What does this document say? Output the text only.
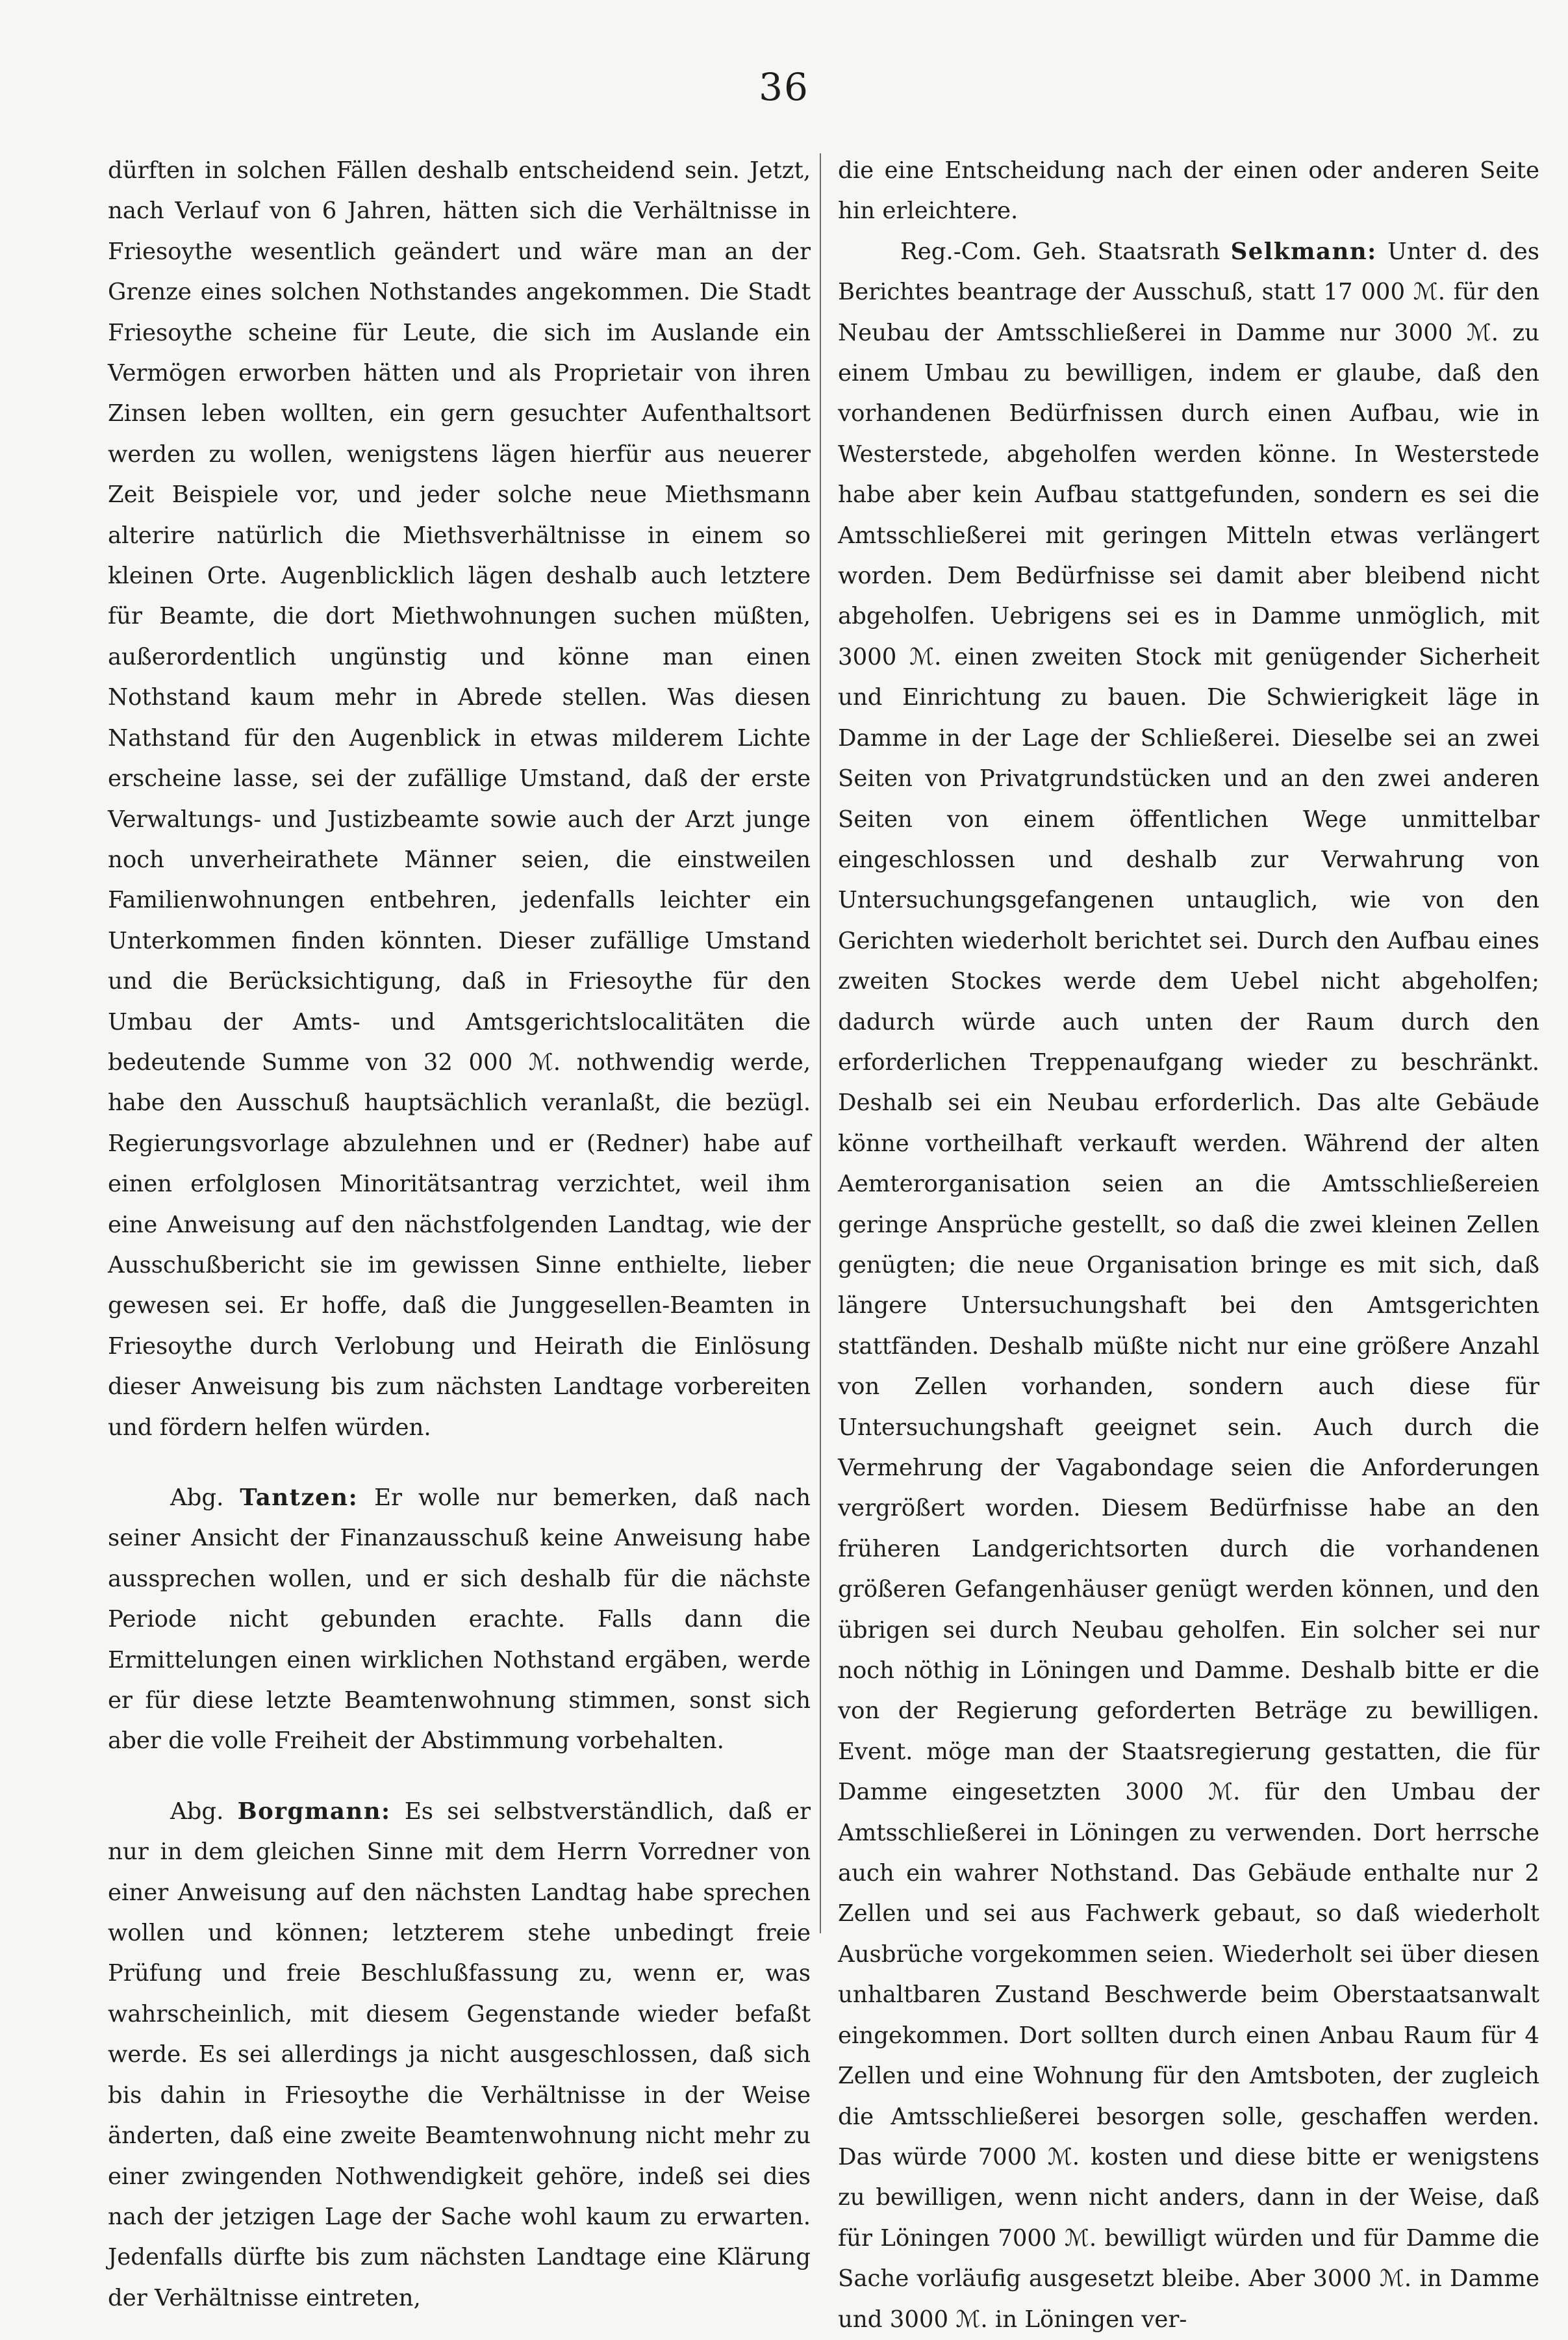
36

dürften in solchen Fällen deshalb entscheidend sein. Jetzt, nach Verlauf von 6 Jahren, hätten sich die Verhältnisse in Friesoythe wesentlich geändert und wäre man an der Grenze eines solchen Nothstandes angekommen. Die Stadt Friesoythe scheine für Leute, die sich im Auslande ein Vermögen erworben hätten und als Proprietair von ihren Zinsen leben wollten, ein gern gesuchter Aufenthaltsort werden zu wollen, wenigstens lägen hierfür aus neuerer Zeit Beispiele vor, und jeder solche neue Miethsmann alterire natürlich die Miethsverhältnisse in einem so kleinen Orte. Augenblicklich lägen deshalb auch letztere für Beamte, die dort Miethwohnungen suchen müßten, außerordentlich ungünstig und könne man einen Nothstand kaum mehr in Abrede stellen. Was diesen Nathstand für den Augenblick in etwas milderem Lichte erscheine lasse, sei der zufällige Umstand, daß der erste Verwaltungs- und Justizbeamte sowie auch der Arzt junge noch unverheirathete Männer seien, die einstweilen Familienwohnungen entbehren, jedenfalls leichter ein Unterkommen finden könnten. Dieser zufällige Umstand und die Berücksichtigung, daß in Friesoythe für den Umbau der Amts- und Amtsgerichtslocalitäten die bedeutende Summe von 32 000 ℳ. nothwendig werde, habe den Ausschuß hauptsächlich veranlaßt, die bezügl. Regierungsvorlage abzulehnen und er (Redner) habe auf einen erfolglosen Minoritätsantrag verzichtet, weil ihm eine Anweisung auf den nächstfolgenden Landtag, wie der Ausschußbericht sie im gewissen Sinne enthielte, lieber gewesen sei. Er hoffe, daß die Junggesellen-Beamten in Friesoythe durch Verlobung und Heirath die Einlösung dieser Anweisung bis zum nächsten Landtage vorbereiten und fördern helfen würden.

Abg. Tantzen: Er wolle nur bemerken, daß nach seiner Ansicht der Finanzausschuß keine Anweisung habe aussprechen wollen, und er sich deshalb für die nächste Periode nicht gebunden erachte. Falls dann die Ermittelungen einen wirklichen Nothstand ergäben, werde er für diese letzte Beamtenwohnung stimmen, sonst sich aber die volle Freiheit der Abstimmung vorbehalten.

Abg. Borgmann: Es sei selbstverständlich, daß er nur in dem gleichen Sinne mit dem Herrn Vorredner von einer Anweisung auf den nächsten Landtag habe sprechen wollen und können; letzterem stehe unbedingt freie Prüfung und freie Beschlußfassung zu, wenn er, was wahrscheinlich, mit diesem Gegenstande wieder befaßt werde. Es sei allerdings ja nicht ausgeschlossen, daß sich bis dahin in Friesoythe die Verhältnisse in der Weise änderten, daß eine zweite Beamtenwohnung nicht mehr zu einer zwingenden Nothwendigkeit gehöre, indeß sei dies nach der jetzigen Lage der Sache wohl kaum zu erwarten. Jedenfalls dürfte bis zum nächsten Landtage eine Klärung der Verhältnisse eintreten,

die eine Entscheidung nach der einen oder anderen Seite hin erleichtere.

Reg.-Com. Geh. Staatsrath Selkmann: Unter d. des Berichtes beantrage der Ausschuß, statt 17 000 ℳ. für den Neubau der Amtsschließerei in Damme nur 3000 ℳ. zu einem Umbau zu bewilligen, indem er glaube, daß den vorhandenen Bedürfnissen durch einen Aufbau, wie in Westerstede, abgeholfen werden könne. In Westerstede habe aber kein Aufbau stattgefunden, sondern es sei die Amtsschließerei mit geringen Mitteln etwas verlängert worden. Dem Bedürfnisse sei damit aber bleibend nicht abgeholfen. Uebrigens sei es in Damme unmöglich, mit 3000 ℳ. einen zweiten Stock mit genügender Sicherheit und Einrichtung zu bauen. Die Schwierigkeit läge in Damme in der Lage der Schließerei. Dieselbe sei an zwei Seiten von Privatgrundstücken und an den zwei anderen Seiten von einem öffentlichen Wege unmittelbar eingeschlossen und deshalb zur Verwahrung von Untersuchungsgefangenen untauglich, wie von den Gerichten wiederholt berichtet sei. Durch den Aufbau eines zweiten Stockes werde dem Uebel nicht abgeholfen; dadurch würde auch unten der Raum durch den erforderlichen Treppenaufgang wieder zu beschränkt. Deshalb sei ein Neubau erforderlich. Das alte Gebäude könne vortheilhaft verkauft werden. Während der alten Aemterorganisation seien an die Amtsschließereien geringe Ansprüche gestellt, so daß die zwei kleinen Zellen genügten; die neue Organisation bringe es mit sich, daß längere Untersuchungshaft bei den Amtsgerichten stattfänden. Deshalb müßte nicht nur eine größere Anzahl von Zellen vorhanden, sondern auch diese für Untersuchungshaft geeignet sein. Auch durch die Vermehrung der Vagabondage seien die Anforderungen vergrößert worden. Diesem Bedürfnisse habe an den früheren Landgerichtsorten durch die vorhandenen größeren Gefangenhäuser genügt werden können, und den übrigen sei durch Neubau geholfen. Ein solcher sei nur noch nöthig in Löningen und Damme. Deshalb bitte er die von der Regierung geforderten Beträge zu bewilligen. Event. möge man der Staatsregierung gestatten, die für Damme eingesetzten 3000 ℳ. für den Umbau der Amtsschließerei in Löningen zu verwenden. Dort herrsche auch ein wahrer Nothstand. Das Gebäude enthalte nur 2 Zellen und sei aus Fachwerk gebaut, so daß wiederholt Ausbrüche vorgekommen seien. Wiederholt sei über diesen unhaltbaren Zustand Beschwerde beim Oberstaatsanwalt eingekommen. Dort sollten durch einen Anbau Raum für 4 Zellen und eine Wohnung für den Amtsboten, der zugleich die Amtsschließerei besorgen solle, geschaffen werden. Das würde 7000 ℳ. kosten und diese bitte er wenigstens zu bewilligen, wenn nicht anders, dann in der Weise, daß für Löningen 7000 ℳ. bewilligt würden und für Damme die Sache vorläufig ausgesetzt bleibe. Aber 3000 ℳ. in Damme und 3000 ℳ. in Löningen ver-
